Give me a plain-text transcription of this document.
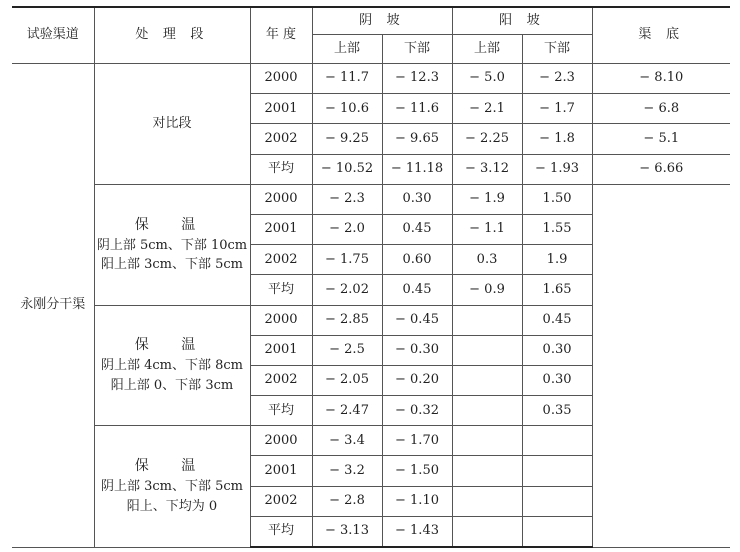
试验渠道	处 理 段	年 度	阴 坡		阳 坡		渠 底
			上部	下部	上部	下部	
永刚分干渠	对比段	2000	− 11.7	− 12.3	− 5.0	− 2.3	− 8.10
		2001	− 10.6	− 11.6	− 2.1	− 1.7	− 6.8
		2002	− 9.25	− 9.65	− 2.25	− 1.8	− 5.1
		平均	− 10.52	− 11.18	− 3.12	− 1.93	− 6.66

	保 温
阴上部 5cm、下部 10cm
阳上部 3cm、下部 5cm	2000	− 2.3	0.30	− 1.9	1.50	
		2001	− 2.0	0.45	− 1.1	1.55	
		2002	− 1.75	0.60	0.3	1.9	
		平均	− 2.02	0.45	− 0.9	1.65	

	保 温
阴上部 4cm、下部 8cm
阳上部 0、下部 3cm	2000	− 2.85	− 0.45		0.45	
		2001	− 2.5	− 0.30		0.30	
		2002	− 2.05	− 0.20		0.30	
		平均	− 2.47	− 0.32		0.35	

	保 温
阴上部 3cm、下部 5cm
阳上、下均为 0	2000	− 3.4	− 1.70			
		2001	− 3.2	− 1.50			
		2002	− 2.8	− 1.10			
		平均	− 3.13	− 1.43			
